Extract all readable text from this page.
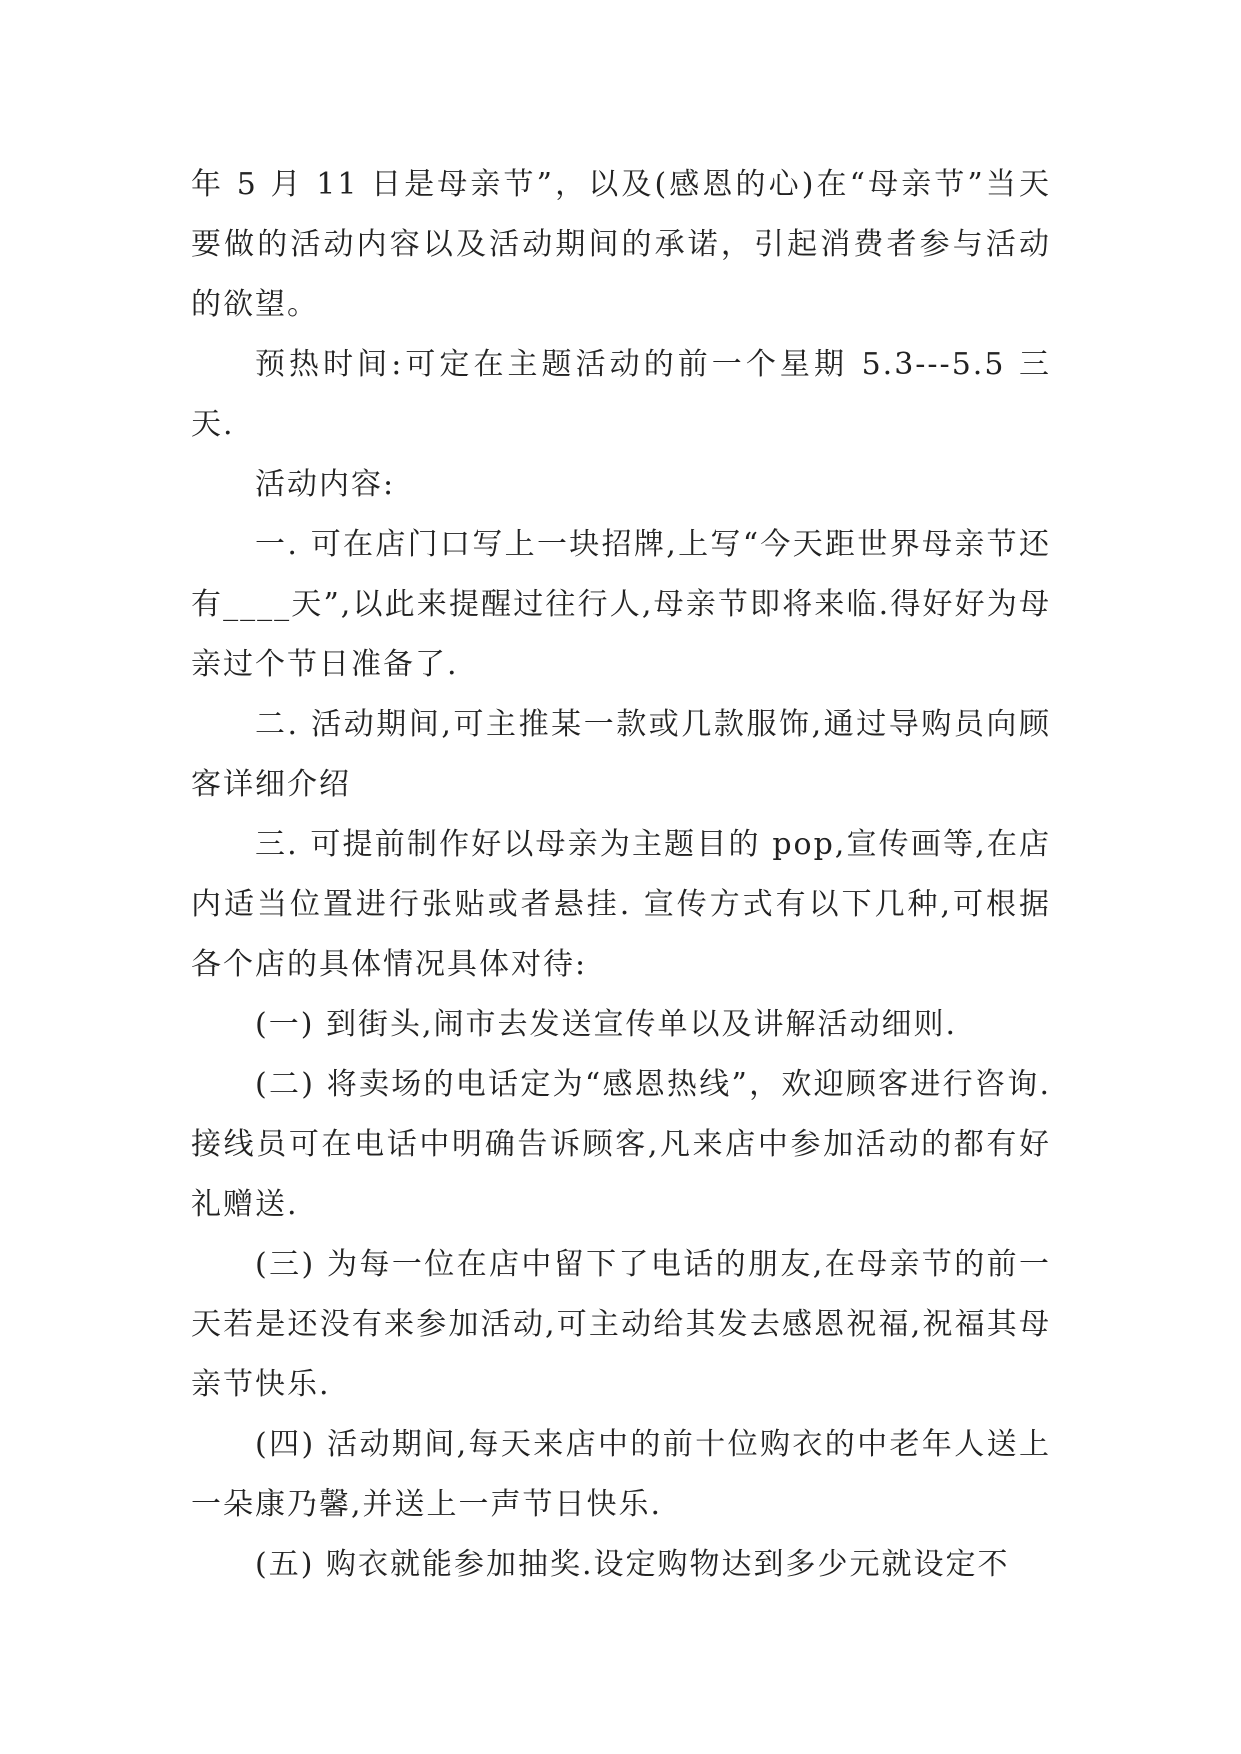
年 5 月 11 日是母亲节”，以及(感恩的心)在“母亲节”当天要做的活动内容以及活动期间的承诺，引起消费者参与活动的欲望。

预热时间:可定在主题活动的前一个星期 5.3---5.5 三天.

活动内容:

一. 可在店门口写上一块招牌,上写“今天距世界母亲节还有____天”,以此来提醒过往行人,母亲节即将来临.得好好为母亲过个节日准备了.

二. 活动期间,可主推某一款或几款服饰,通过导购员向顾客详细介绍

三. 可提前制作好以母亲为主题目的 pop,宣传画等,在店内适当位置进行张贴或者悬挂. 宣传方式有以下几种,可根据各个店的具体情况具体对待:

(一) 到街头,闹市去发送宣传单以及讲解活动细则.

(二) 将卖场的电话定为“感恩热线”，欢迎顾客进行咨询.接线员可在电话中明确告诉顾客,凡来店中参加活动的都有好礼赠送.

(三) 为每一位在店中留下了电话的朋友,在母亲节的前一天若是还没有来参加活动,可主动给其发去感恩祝福,祝福其母亲节快乐.

(四) 活动期间,每天来店中的前十位购衣的中老年人送上一朵康乃馨,并送上一声节日快乐.

(五) 购衣就能参加抽奖.设定购物达到多少元就设定不
